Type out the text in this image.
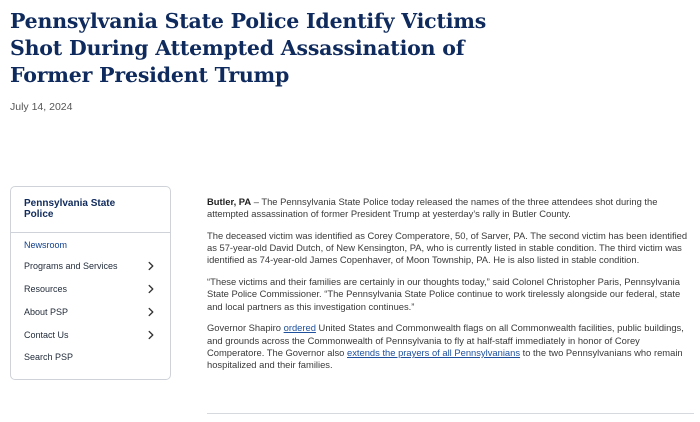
Pennsylvania State Police Identify Victims
Shot During Attempted Assassination of
Former President Trump
July 14, 2024
Pennsylvania State
Police
Newsroom
Programs and Services
Resources
About PSP
Contact Us
Search PSP

Butler, PA – The Pennsylvania State Police today released the names of the three attendees shot during the attempted assassination of former President Trump at yesterday’s rally in Butler County.

The deceased victim was identified as Corey Comperatore, 50, of Sarver, PA. The second victim has been identified as 57-year-old David Dutch, of New Kensington, PA, who is currently listed in stable condition. The third victim was identified as 74-year-old James Copenhaver, of Moon Township, PA. He is also listed in stable condition.

“These victims and their families are certainly in our thoughts today,” said Colonel Christopher Paris, Pennsylvania State Police Commissioner. “The Pennsylvania State Police continue to work tirelessly alongside our federal, state and local partners as this investigation continues.”

Governor Shapiro ordered United States and Commonwealth flags on all Commonwealth facilities, public buildings, and grounds across the Commonwealth of Pennsylvania to fly at half-staff immediately in honor of Corey Comperatore. The Governor also extends the prayers of all Pennsylvanians to the two Pennsylvanians who remain hospitalized and their families.
